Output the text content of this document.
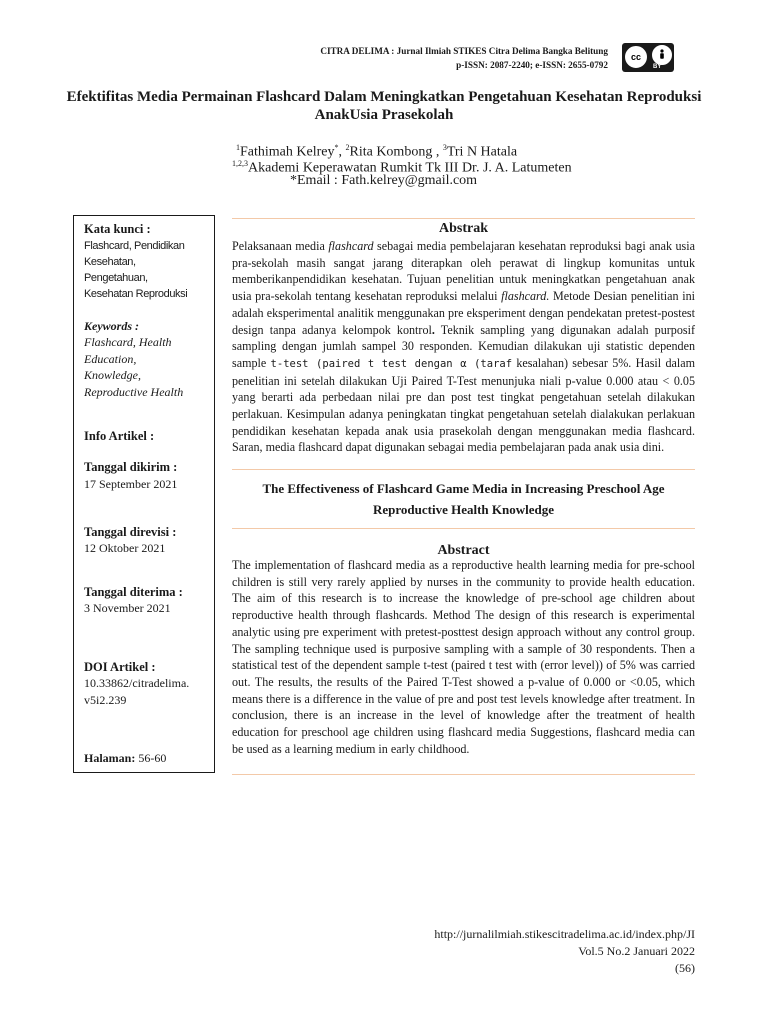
CITRA DELIMA : Jurnal Ilmiah STIKES Citra Delima Bangka Belitung
p-ISSN: 2087-2240; e-ISSN: 2655-0792
cc
BY
Efektifitas Media Permainan Flashcard Dalam Meningkatkan Pengetahuan Kesehatan Reproduksi AnakUsia Prasekolah
$^1$Fathimah Kelrey*, $^2$Rita Kombong , $^3$Tri N Hatala
$^{1,2,3}$Akademi Keperawatan Rumkit Tk III Dr. J. A. Latumeten
*Email : Fath.kelrey@gmail.com
Kata kunci :
Flashcard, Pendidikan
Kesehatan,
Pengetahuan,
Kesehatan Reproduksi
Keywords :
Flashcard, Health
Education,
Knowledge,
Reproductive Health
Info Artikel :
Tanggal dikirim :
17 September 2021
Tanggal direvisi :
12 Oktober 2021
Tanggal diterima :
3 November 2021
DOI Artikel :
10.33862/citradelima.
v5i2.239
Halaman: 56-60
Abstrak
Pelaksanaan media flashcard sebagai media pembelajaran kesehatan reproduksi bagi anak usia pra-sekolah masih sangat jarang diterapkan oleh perawat di lingkup komunitas untuk memberikanpendidikan kesehatan. Tujuan penelitian untuk meningkatkan pengetahuan anak usia pra-sekolah tentang kesehatan reproduksi melalui flashcard. Metode Desian penelitian ini adalah eksperimental analitik menggunakan pre eksperiment dengan pendekatan pretest-postest design tanpa adanya kelompok kontrol. Teknik sampling yang digunakan adalah purposif sampling dengan jumlah sampel 30 responden. Kemudian dilakukan uji statistic dependen sample t-test (paired t test dengan α (taraf kesalahan) sebesar 5%. Hasil dalam penelitian ini setelah dilakukan Uji Paired T-Test menunjuka niali p-value 0.000 atau < 0.05 yang berarti ada perbedaan nilai pre dan post test tingkat pengetahuan setelah dilakukan perlakuan. Kesimpulan adanya peningkatan tingkat pengetahuan setelah dialakukan perlakuan pendidikan kesehatan kepada anak usia prasekolah dengan menggunakan media flashcard. Saran, media flashcard dapat digunakan sebagai media pembelajaran pada anak usia dini.
The Effectiveness of Flashcard Game Media in Increasing Preschool Age Reproductive Health Knowledge
Abstract
The implementation of flashcard media as a reproductive health learning media for pre-school children is still very rarely applied by nurses in the community to provide health education. The aim of this research is to increase the knowledge of pre-school age children about reproductive health through flashcards. Method The design of this research is experimental analytic using pre experiment with pretest-posttest design approach without any control group. The sampling technique used is purposive sampling with a sample of 30 respondents. Then a statistical test of the dependent sample t-test (paired t test with (error level)) of 5% was carried out. The results, the results of the Paired T-Test showed a p-value of 0.000 or <0.05, which means there is a difference in the value of pre and post test levels knowledge after treatment. In conclusion, there is an increase in the level of knowledge after the treatment of health education for preschool age children using flashcard media Suggestions, flashcard media can be used as a learning medium in early childhood.
http://jurnalilmiah.stikescitradelima.ac.id/index.php/JI
Vol.5 No.2 Januari 2022
(56)
